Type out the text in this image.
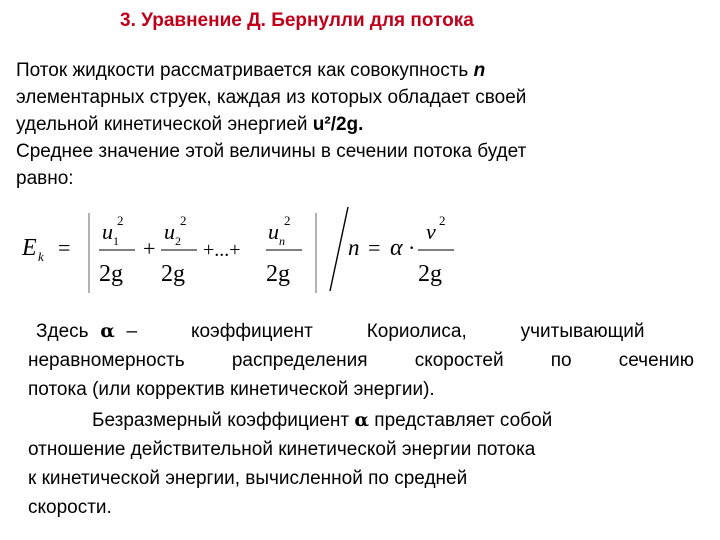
3. Уравнение Д. Бернулли для потока
Поток жидкости рассматривается как совокупность n
элементарных струек, каждая из которых обладает своей
удельной кинетической энергией u²/2g.
Среднее значение этой величины в сечении потока будет
равно:
E k =
u 1
2
2g
+
u 2
2
2g
+...+
u n
2
2g
n = α ·
v 2
2g
Здесь α – коэффициент Кориолиса, учитывающий
неравномерность распределения скоростей по сечению
потока (или корректив кинетической энергии).
Безразмерный коэффициент α представляет собой
отношение действительной кинетической энергии потока
к кинетической энергии, вычисленной по средней
скорости.
